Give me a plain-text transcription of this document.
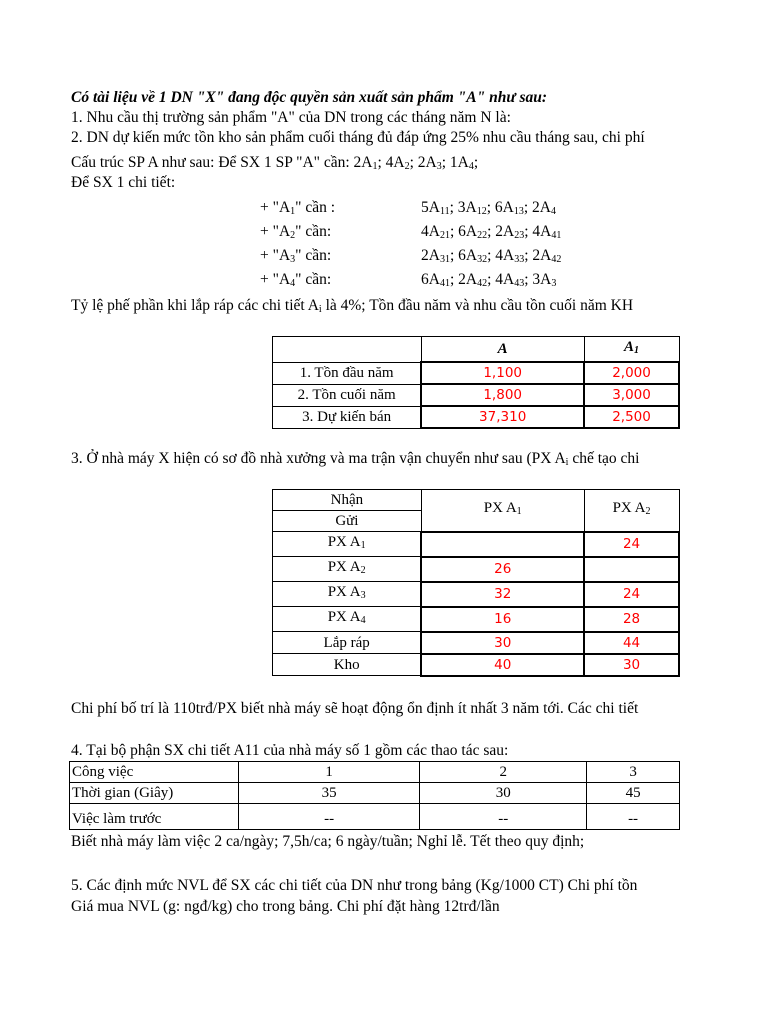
Có tài liệu về 1 DN "X" đang độc quyền sản xuất sản phẩm "A" như sau:
1. Nhu cầu thị trường sản phẩm "A" của DN trong các tháng năm N là:
2. DN dự kiến mức tồn kho sản phẩm cuối tháng đủ đáp ứng 25% nhu cầu tháng sau, chi phí
Cấu trúc SP A như sau: Để SX 1 SP "A" cần: $2A_1$; $4A_2$; $2A_3$; $1A_4$;
Để SX 1 chi tiết:
+ "$A_1$" cần :	$5A_{11}$; $3A_{12}$; $6A_{13}$; $2A_4$
+ "$A_2$" cần:	$4A_{21}$; $6A_{22}$; $2A_{23}$; $4A_{41}$
+ "$A_3$" cần:	$2A_{31}$; $6A_{32}$; $4A_{33}$; $2A_{42}$
+ "$A_4$" cần:	$6A_{41}$; $2A_{42}$; $4A_{43}$; $3A_3$
Tỷ lệ phế phần khi lắp ráp các chi tiết $A_i$ là 4%; Tồn đầu năm và nhu cầu tồn cuối năm KH
	A	$A_1$
1. Tồn đầu năm	1,100	2,000
2. Tồn cuối năm	1,800	3,000
3. Dự kiến bán	37,310	2,500
3. Ở nhà máy X hiện có sơ đồ nhà xưởng và ma trận vận chuyển như sau (PX $A_i$ chế tạo chi
Nhận	PX $A_1$	PX $A_2$
Gửi		
PX $A_1$		24
PX $A_2$	26	
PX $A_3$	32	24
PX $A_4$	16	28
Lắp ráp	30	44
Kho	40	30
Chi phí bố trí là 110trđ/PX biết nhà máy sẽ hoạt động ổn định ít nhất 3 năm tới. Các chi tiết
4. Tại bộ phận SX chi tiết A11 của nhà máy số 1 gồm các thao tác sau:
Công việc	1	2	3
Thời gian (Giây)	35	30	45
Việc làm trước	--	--	--
Biết nhà máy làm việc 2 ca/ngày; 7,5h/ca; 6 ngày/tuần; Nghỉ lễ. Tết theo quy định;
5. Các định mức NVL để SX các chi tiết của DN như trong bảng (Kg/1000 CT) Chi phí tồn
Giá mua NVL (g: ngđ/kg) cho trong bảng. Chi phí đặt hàng 12trđ/lần
